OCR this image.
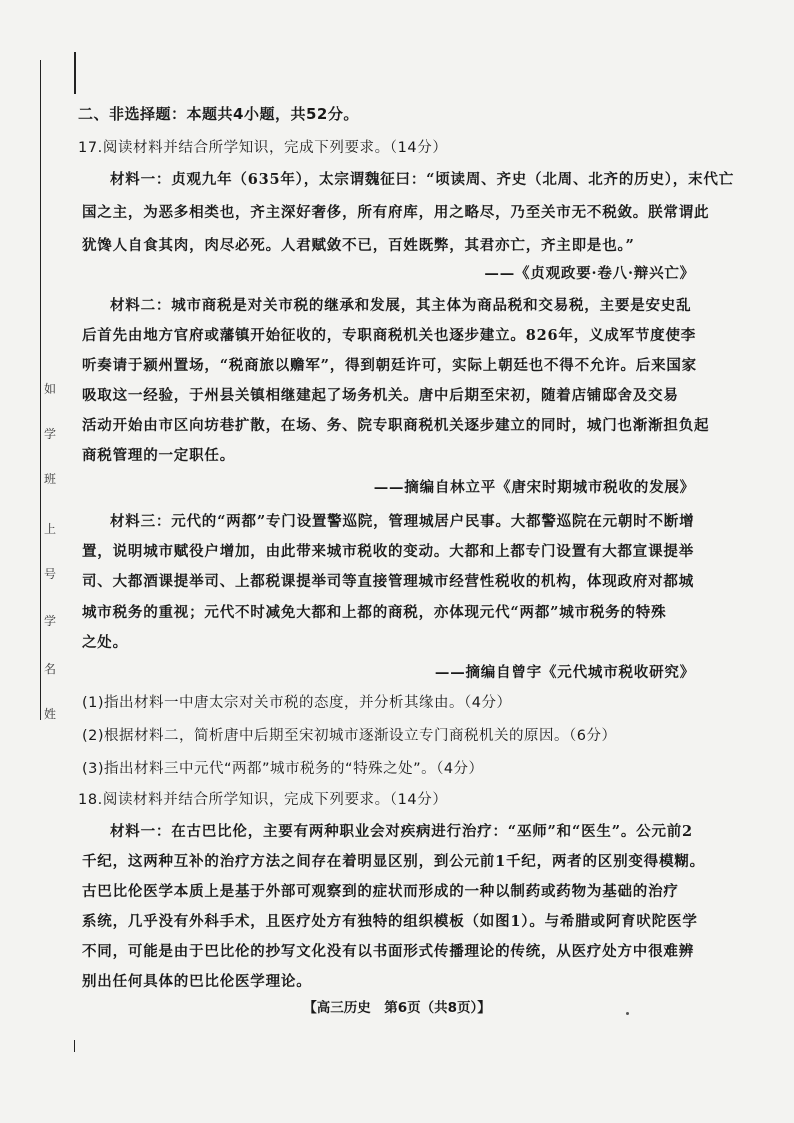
二、非选择题：本题共4小题，共52分。
17.阅读材料并结合所学知识，完成下列要求。（14分）
材料一：贞观九年（635年），太宗谓魏征曰：“顷读周、齐史（北周、北齐的历史），末代亡
国之主，为恶多相类也，齐主深好奢侈，所有府库，用之略尽，乃至关市无不税敛。朕常谓此
犹馋人自食其肉，肉尽必死。人君赋敛不已，百姓既弊，其君亦亡，齐主即是也。”
——《贞观政要·卷八·辩兴亡》
材料二：城市商税是对关市税的继承和发展，其主体为商品税和交易税，主要是安史乱
后首先由地方官府或藩镇开始征收的，专职商税机关也逐步建立。826年，义成军节度使李
听奏请于颍州置场，“税商旅以赡军”，得到朝廷许可，实际上朝廷也不得不允许。后来国家
吸取这一经验，于州县关镇相继建起了场务机关。唐中后期至宋初，随着店铺邸舍及交易
活动开始由市区向坊巷扩散，在场、务、院专职商税机关逐步建立的同时，城门也渐渐担负起
商税管理的一定职任。
——摘编自林立平《唐宋时期城市税收的发展》
材料三：元代的“两都”专门设置警巡院，管理城居户民事。大都警巡院在元朝时不断增
置，说明城市赋役户增加，由此带来城市税收的变动。大都和上都专门设置有大都宣课提举
司、大都酒课提举司、上都税课提举司等直接管理城市经营性税收的机构，体现政府对都城
城市税务的重视；元代不时减免大都和上都的商税，亦体现元代“两都”城市税务的特殊
之处。
——摘编自曾宇《元代城市税收研究》
(1)指出材料一中唐太宗对关市税的态度，并分析其缘由。（4分）
(2)根据材料二，简析唐中后期至宋初城市逐渐设立专门商税机关的原因。（6分）
(3)指出材料三中元代“两都”城市税务的“特殊之处”。（4分）
18.阅读材料并结合所学知识，完成下列要求。（14分）
材料一：在古巴比伦，主要有两种职业会对疾病进行治疗：“巫师”和“医生”。公元前2
千纪，这两种互补的治疗方法之间存在着明显区别，到公元前1千纪，两者的区别变得模糊。
古巴比伦医学本质上是基于外部可观察到的症状而形成的一种以制药或药物为基础的治疗
系统，几乎没有外科手术，且医疗处方有独特的组织模板（如图1）。与希腊或阿育吠陀医学
不同，可能是由于巴比伦的抄写文化没有以书面形式传播理论的传统，从医疗处方中很难辨
别出任何具体的巴比伦医学理论。
如
学
班
上
号
学
名
姓
【高三历史　第6页（共8页）】
